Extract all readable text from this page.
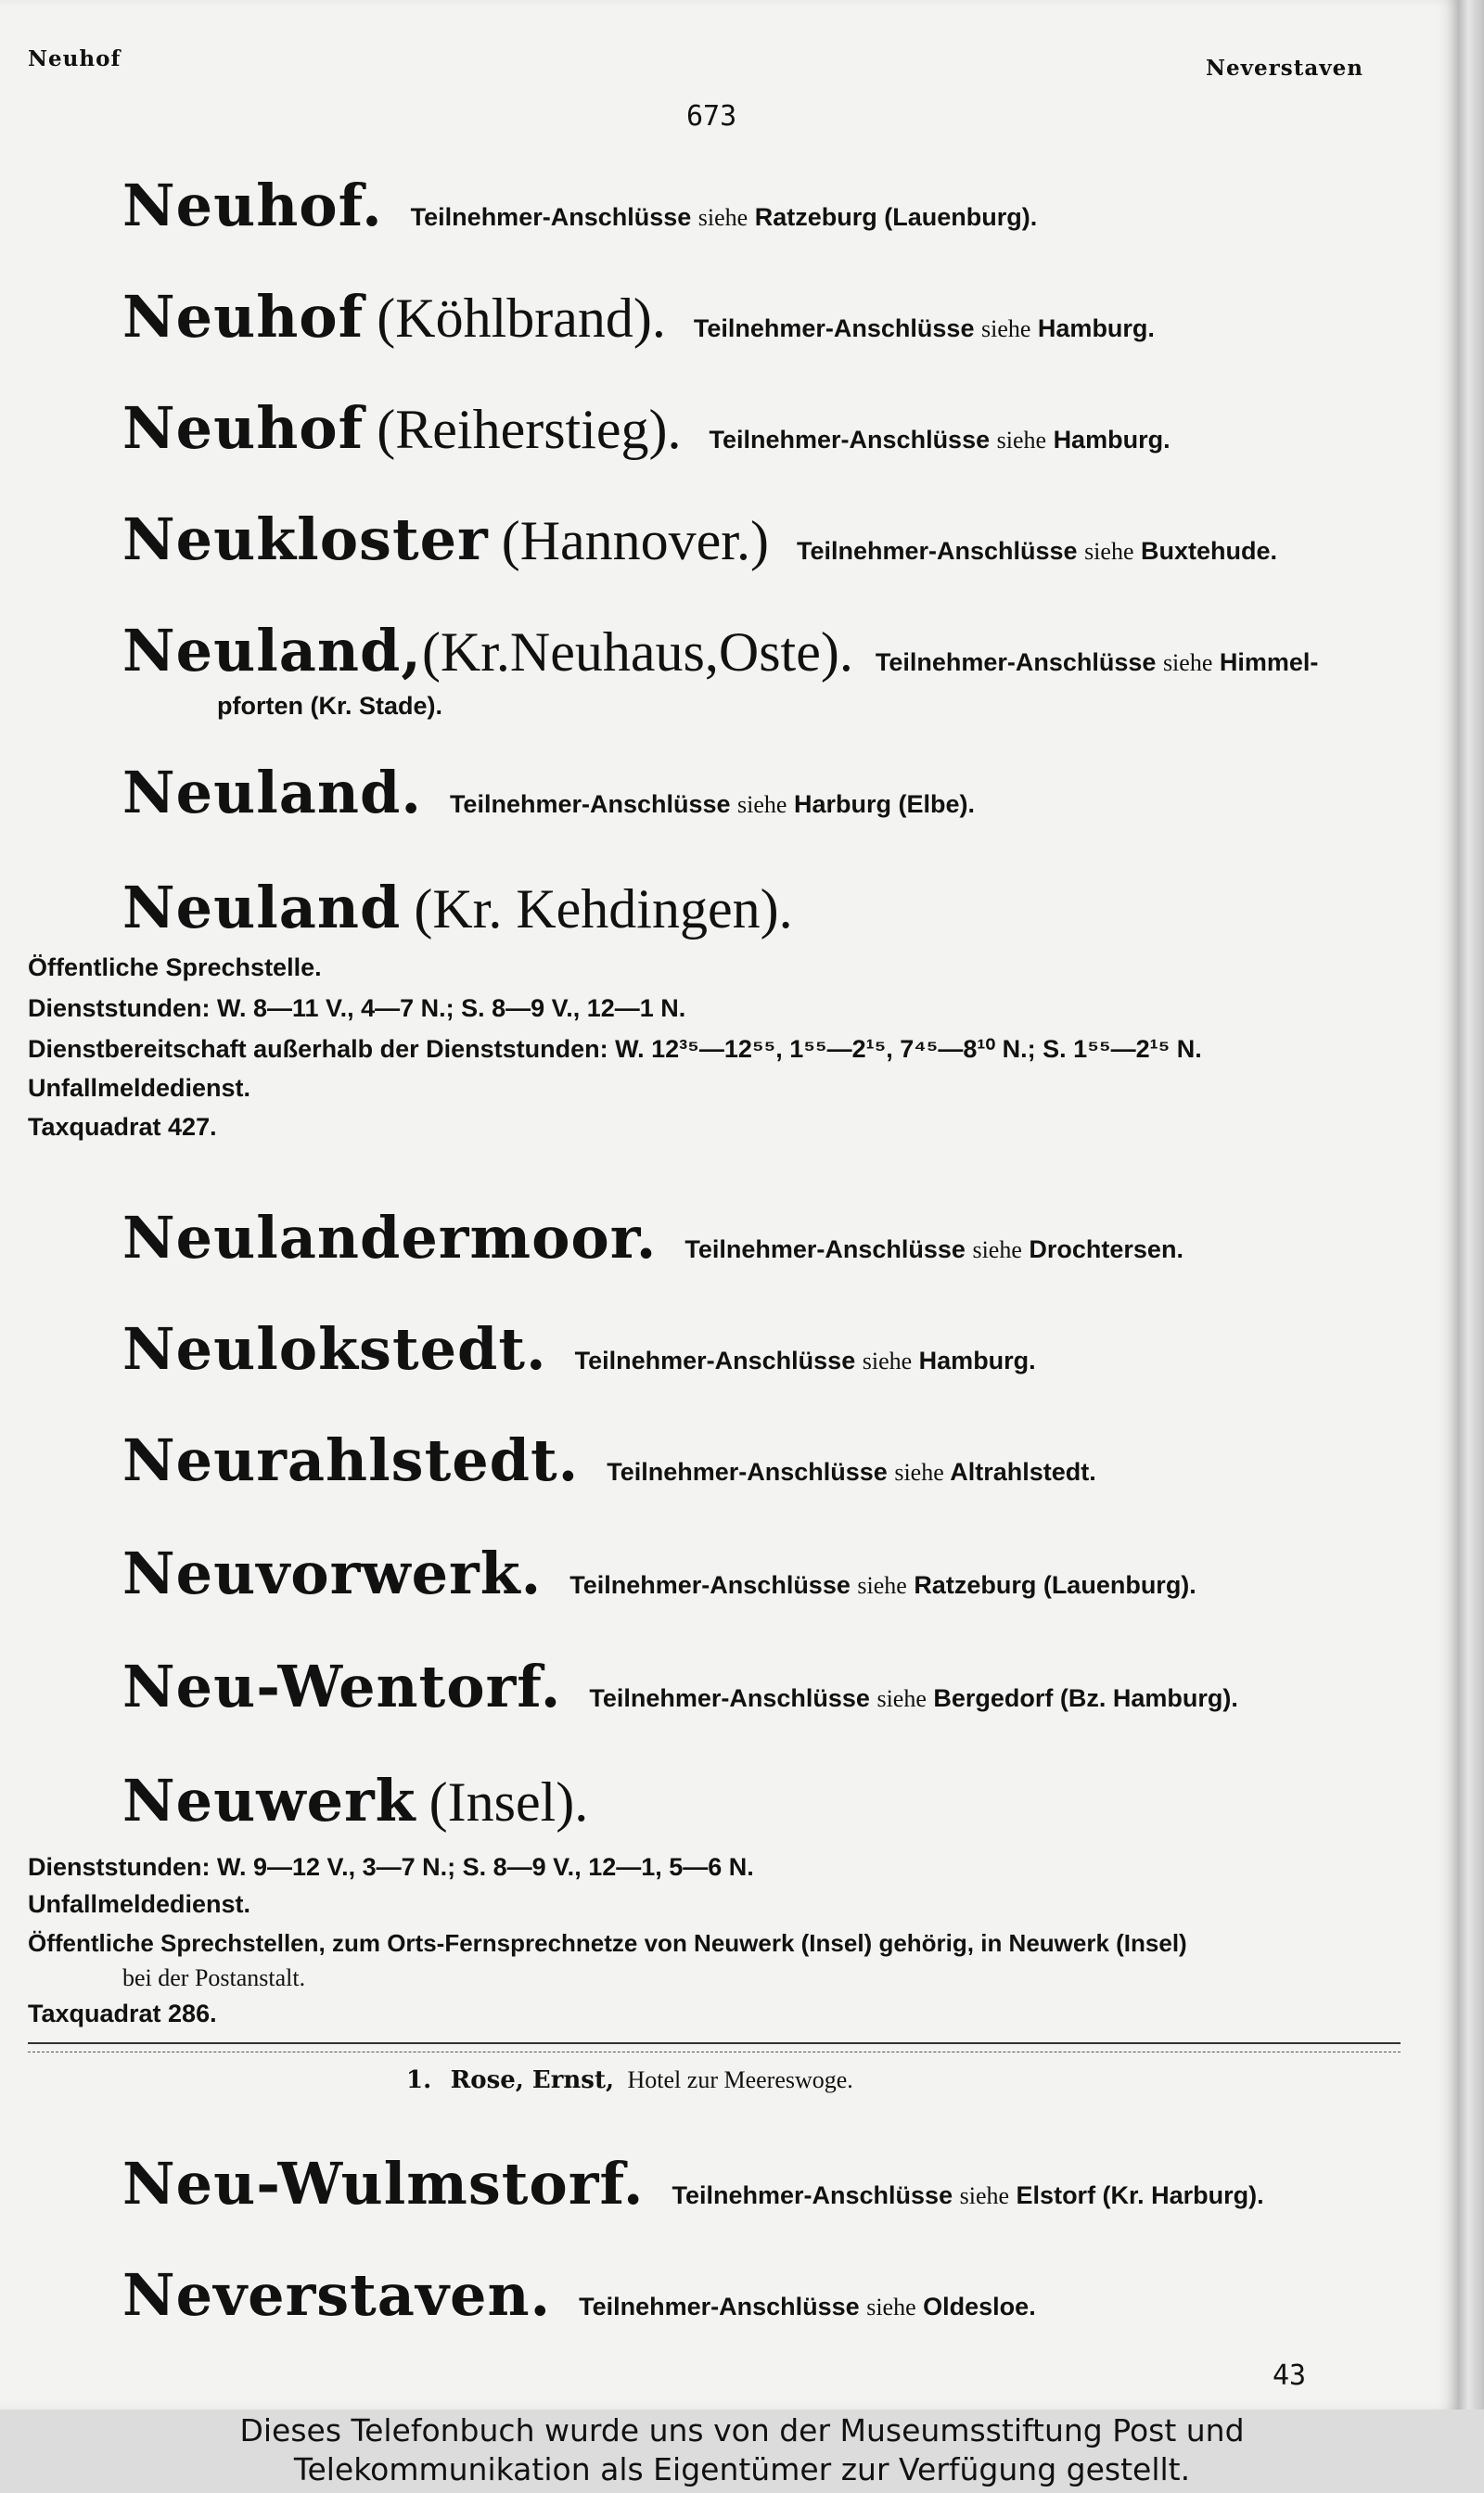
Neuhof	Neverstaven
673
Neuhof. Teilnehmer-Anschlüsse siehe Ratzeburg (Lauenburg).
Neuhof (Köhlbrand). Teilnehmer-Anschlüsse siehe Hamburg.
Neuhof (Reiherstieg). Teilnehmer-Anschlüsse siehe Hamburg.
Neukloster (Hannover.) Teilnehmer-Anschlüsse siehe Buxtehude.
Neuland, (Kr.Neuhaus,Oste). Teilnehmer-Anschlüsse siehe Himmel-
pforten (Kr. Stade).
Neuland. Teilnehmer-Anschlüsse siehe Harburg (Elbe).
Neuland (Kr. Kehdingen).
Öffentliche Sprechstelle.
Dienststunden: W. 8—11 V., 4—7 N.; S. 8—9 V., 12—1 N.
Dienstbereitschaft außerhalb der Dienststunden: W. 12³⁵—12⁵⁵, 1⁵⁵—2¹⁵, 7⁴⁵—8¹⁰ N.; S. 1⁵⁵—2¹⁵ N.
Unfallmeldedienst.
Taxquadrat 427.
Neulandermoor. Teilnehmer-Anschlüsse siehe Drochtersen.
Neulokstedt. Teilnehmer-Anschlüsse siehe Hamburg.
Neurahlstedt. Teilnehmer-Anschlüsse siehe Altrahlstedt.
Neuvorwerk. Teilnehmer-Anschlüsse siehe Ratzeburg (Lauenburg).
Neu-Wentorf. Teilnehmer-Anschlüsse siehe Bergedorf (Bz. Hamburg).
Neuwerk (Insel).
Dienststunden: W. 9—12 V., 3—7 N.; S. 8—9 V., 12—1, 5—6 N.
Unfallmeldedienst.
Öffentliche Sprechstellen, zum Orts-Fernsprechnetze von Neuwerk (Insel) gehörig, in Neuwerk (Insel)
bei der Postanstalt.
Taxquadrat 286.
1. Rose, Ernst, Hotel zur Meereswoge.
Neu-Wulmstorf. Teilnehmer-Anschlüsse siehe Elstorf (Kr. Harburg).
Neverstaven. Teilnehmer-Anschlüsse siehe Oldesloe.
43
Dieses Telefonbuch wurde uns von der Museumsstiftung Post und
Telekommunikation als Eigentümer zur Verfügung gestellt.
